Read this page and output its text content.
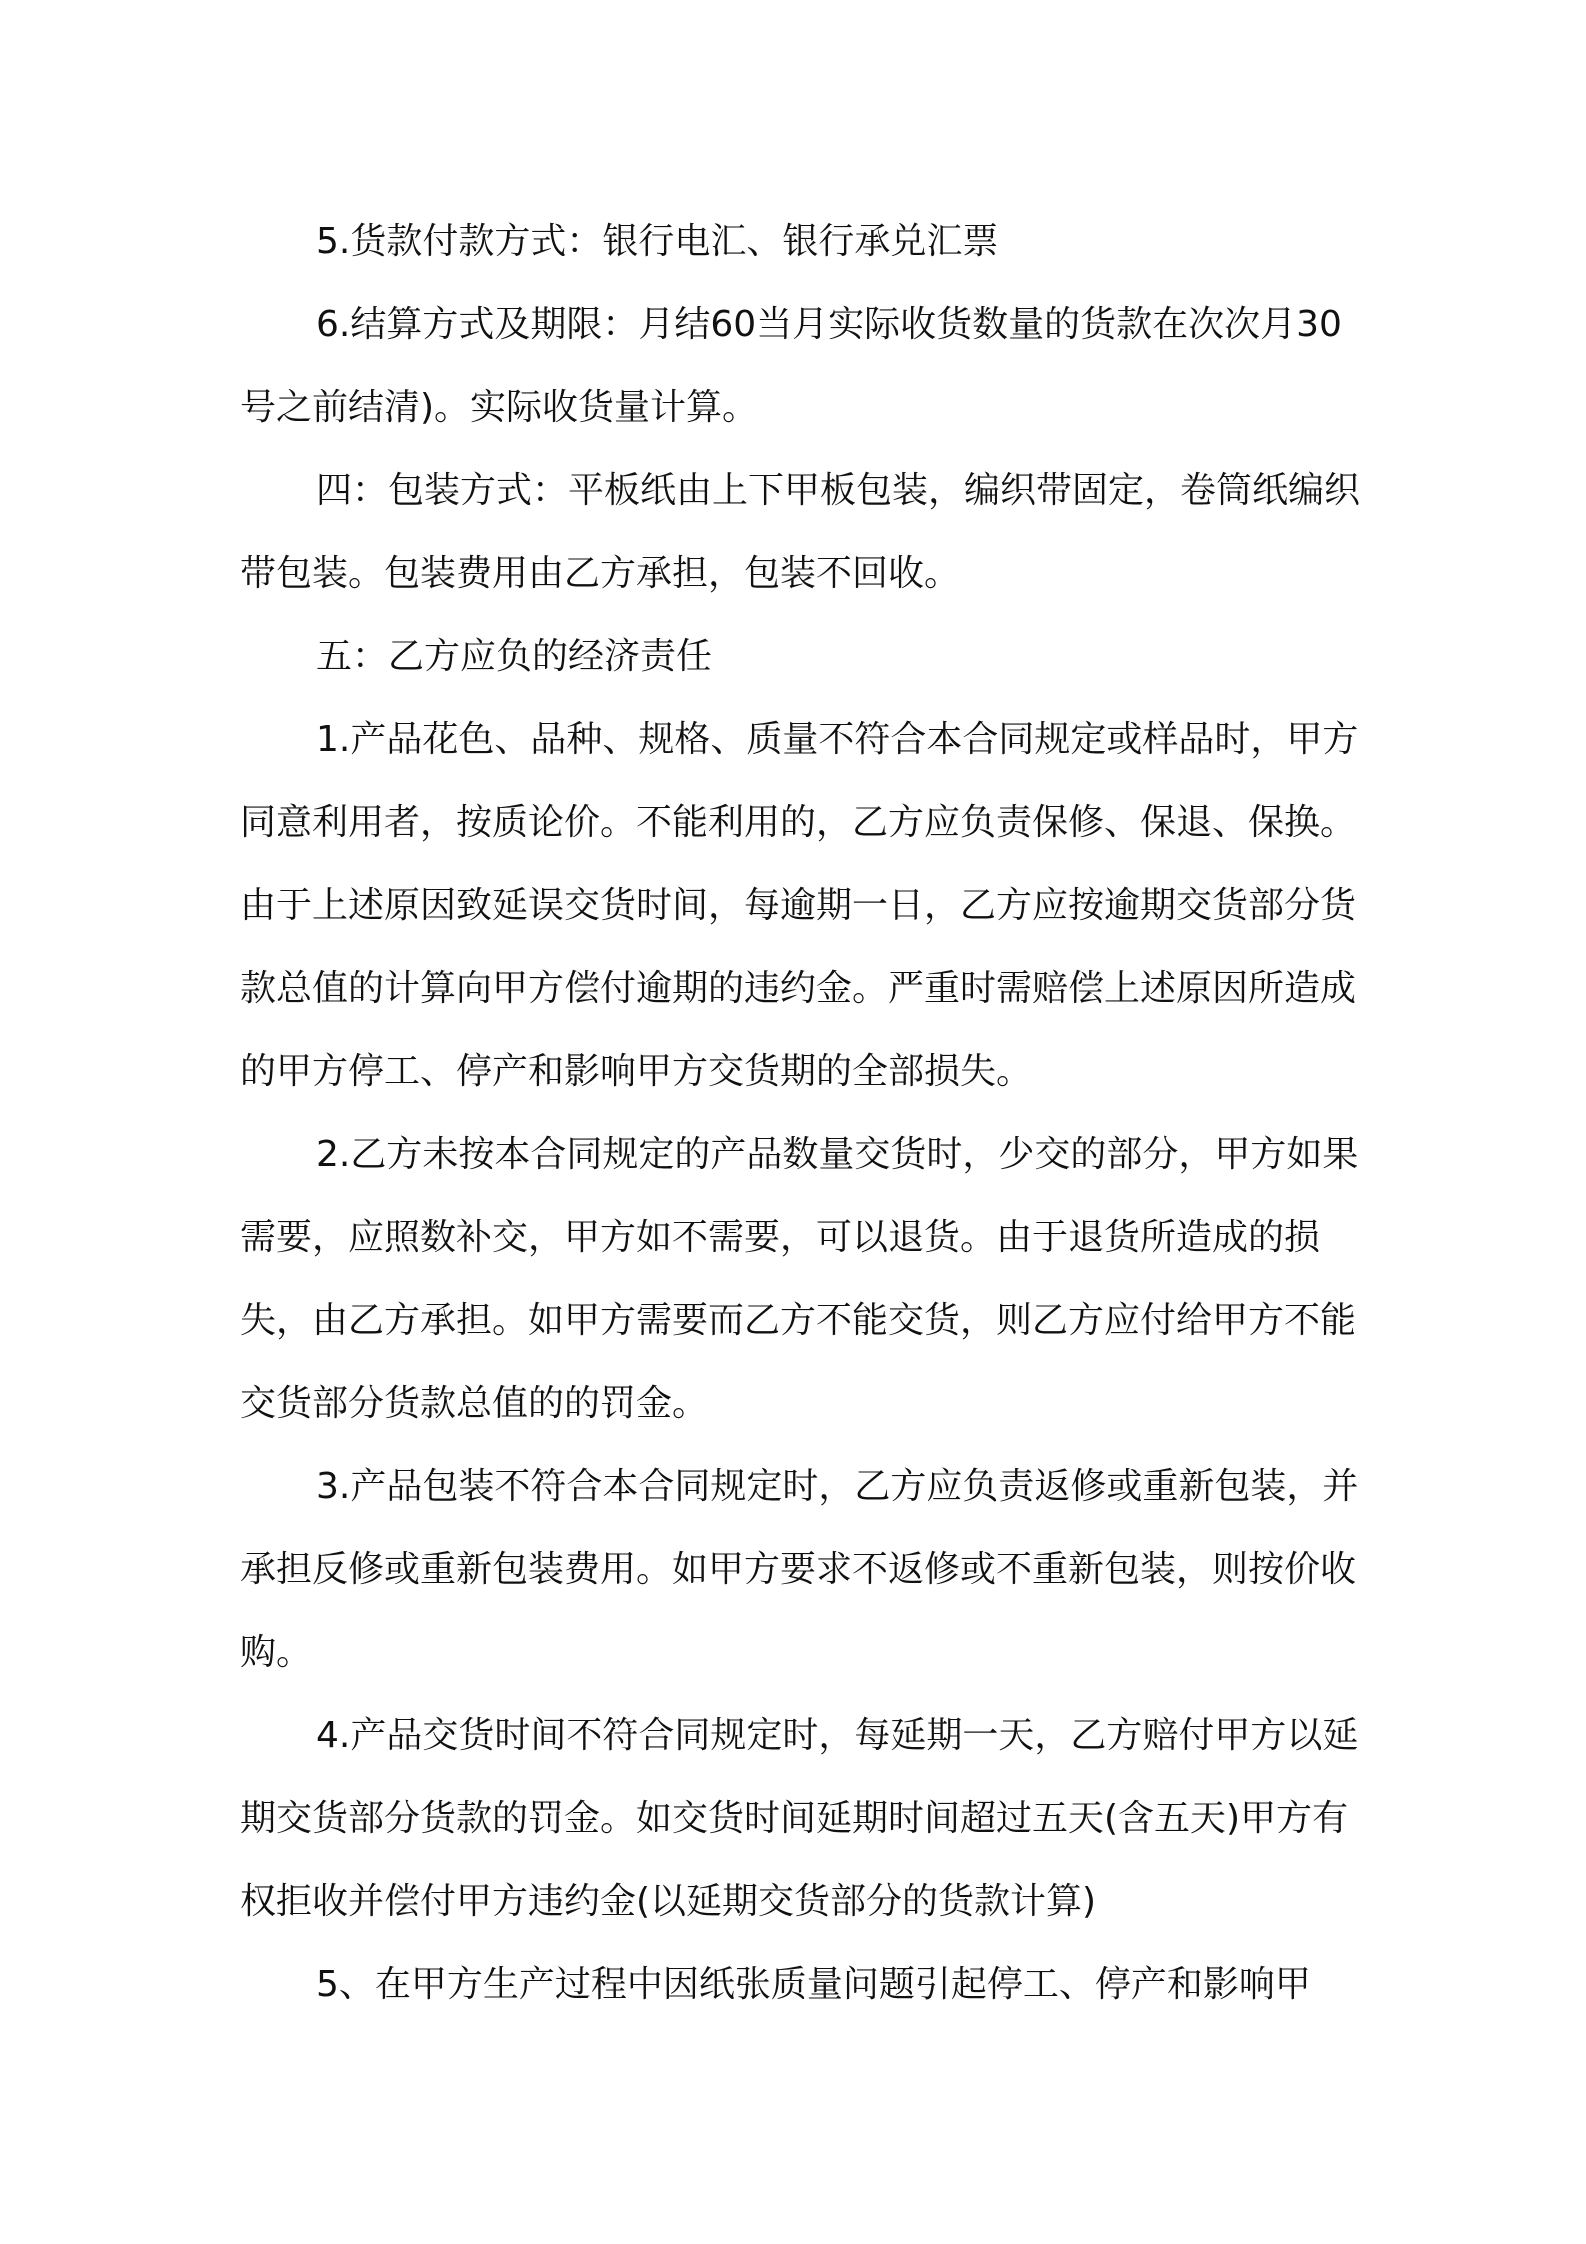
5.货款付款方式：银行电汇、银行承兑汇票

6.结算方式及期限：月结60当月实际收货数量的货款在次次月30号之前结清)。实际收货量计算。

四：包装方式：平板纸由上下甲板包装，编织带固定，卷筒纸编织带包装。包装费用由乙方承担，包装不回收。

五：乙方应负的经济责任

1.产品花色、品种、规格、质量不符合本合同规定或样品时，甲方同意利用者，按质论价。不能利用的，乙方应负责保修、保退、保换。由于上述原因致延误交货时间，每逾期一日，乙方应按逾期交货部分货款总值的计算向甲方偿付逾期的违约金。严重时需赔偿上述原因所造成的甲方停工、停产和影响甲方交货期的全部损失。

2.乙方未按本合同规定的产品数量交货时，少交的部分，甲方如果需要，应照数补交，甲方如不需要，可以退货。由于退货所造成的损失，由乙方承担。如甲方需要而乙方不能交货，则乙方应付给甲方不能交货部分货款总值的的罚金。

3.产品包装不符合本合同规定时，乙方应负责返修或重新包装，并承担反修或重新包装费用。如甲方要求不返修或不重新包装，则按价收购。

4.产品交货时间不符合同规定时，每延期一天，乙方赔付甲方以延期交货部分货款的罚金。如交货时间延期时间超过五天(含五天)甲方有权拒收并偿付甲方违约金(以延期交货部分的货款计算)

5、在甲方生产过程中因纸张质量问题引起停工、停产和影响甲
